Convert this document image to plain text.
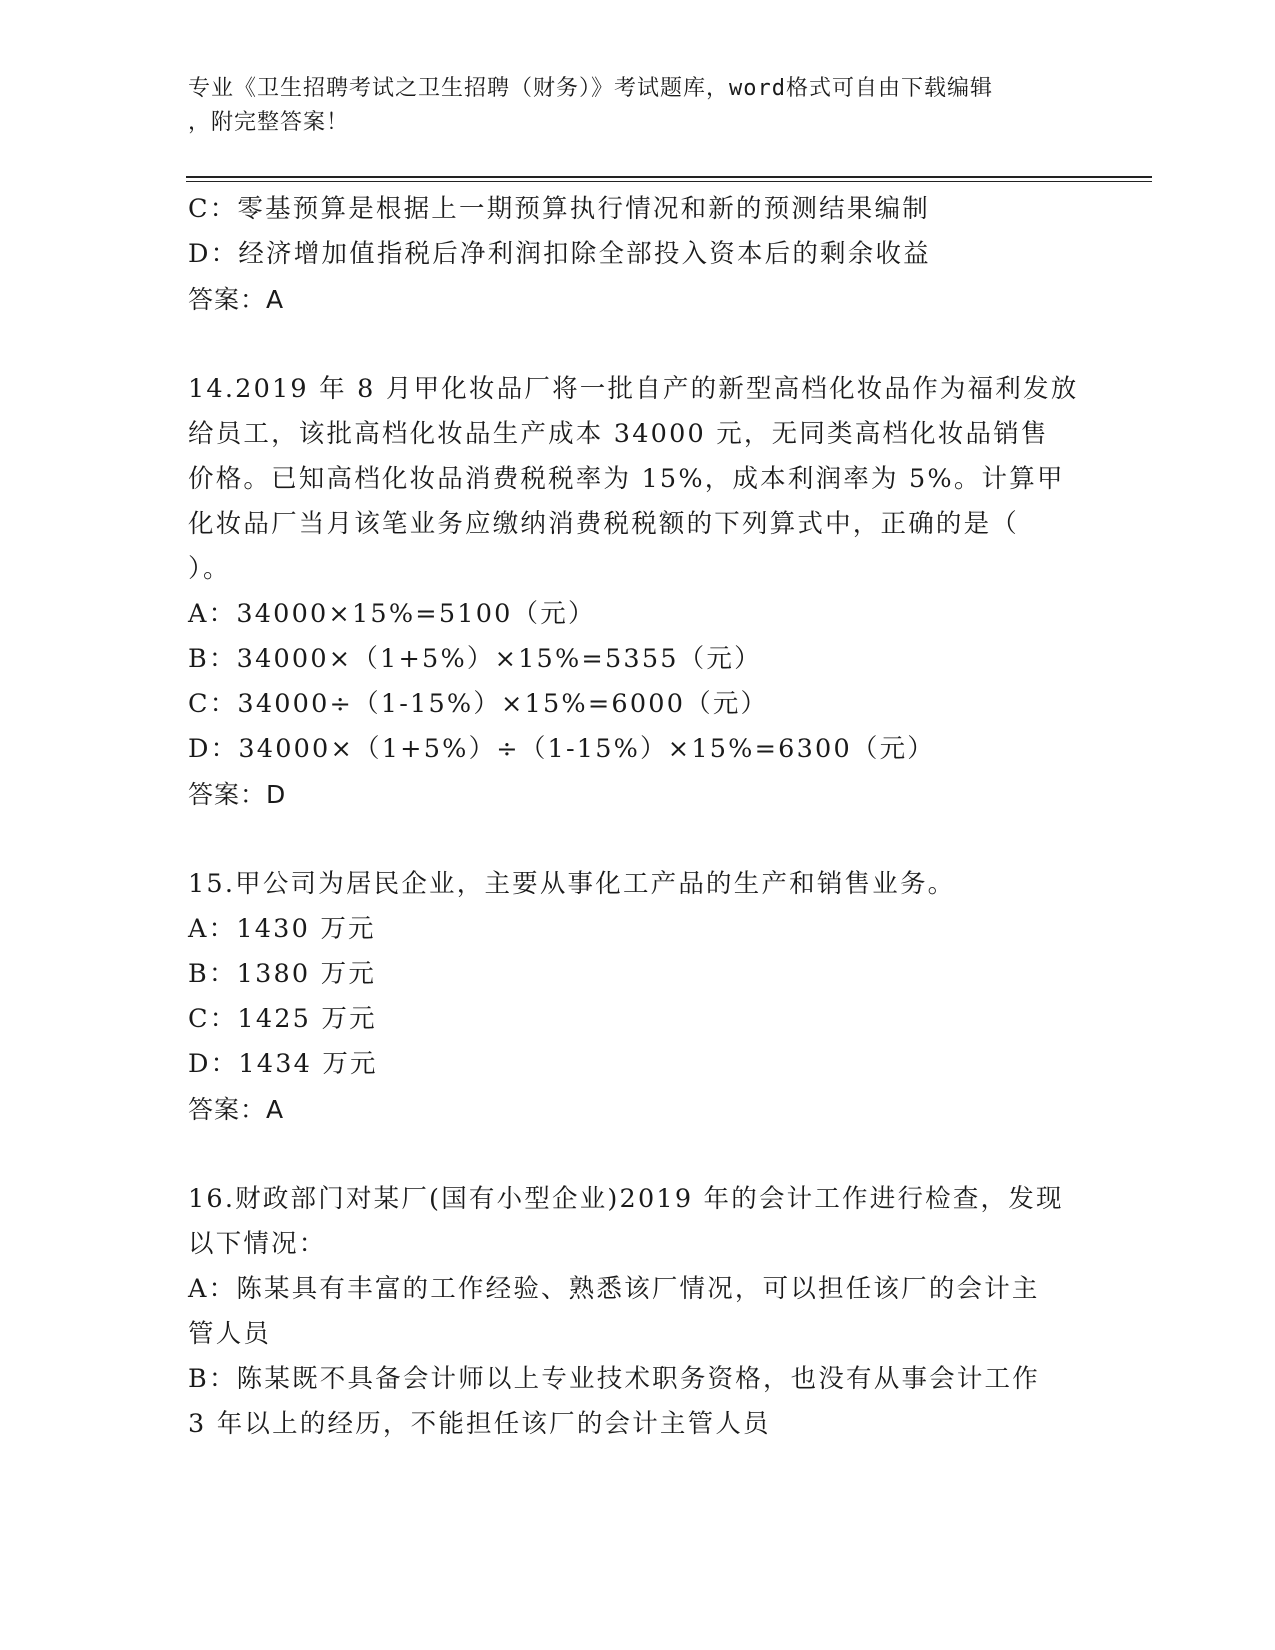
专业《卫生招聘考试之卫生招聘（财务）》考试题库，word格式可自由下载编辑
，附完整答案！
C：零基预算是根据上一期预算执行情况和新的预测结果编制
D：经济增加值指税后净利润扣除全部投入资本后的剩余收益
答案：A
14.2019 年 8 月甲化妆品厂将一批自产的新型高档化妆品作为福利发放
给员工，该批高档化妆品生产成本 34000 元，无同类高档化妆品销售
价格。已知高档化妆品消费税税率为 15%，成本利润率为 5%。计算甲
化妆品厂当月该笔业务应缴纳消费税税额的下列算式中，正确的是（
）。
A：34000×15%=5100（元）
B：34000×（1+5%）×15%=5355（元）
C：34000÷（1-15%）×15%=6000（元）
D：34000×（1+5%）÷（1-15%）×15%=6300（元）
答案：D
15.甲公司为居民企业，主要从事化工产品的生产和销售业务。
A：1430 万元
B：1380 万元
C：1425 万元
D：1434 万元
答案：A
16.财政部门对某厂(国有小型企业)2019 年的会计工作进行检查，发现
以下情况：
A：陈某具有丰富的工作经验、熟悉该厂情况，可以担任该厂的会计主
管人员
B：陈某既不具备会计师以上专业技术职务资格，也没有从事会计工作
3 年以上的经历，不能担任该厂的会计主管人员
